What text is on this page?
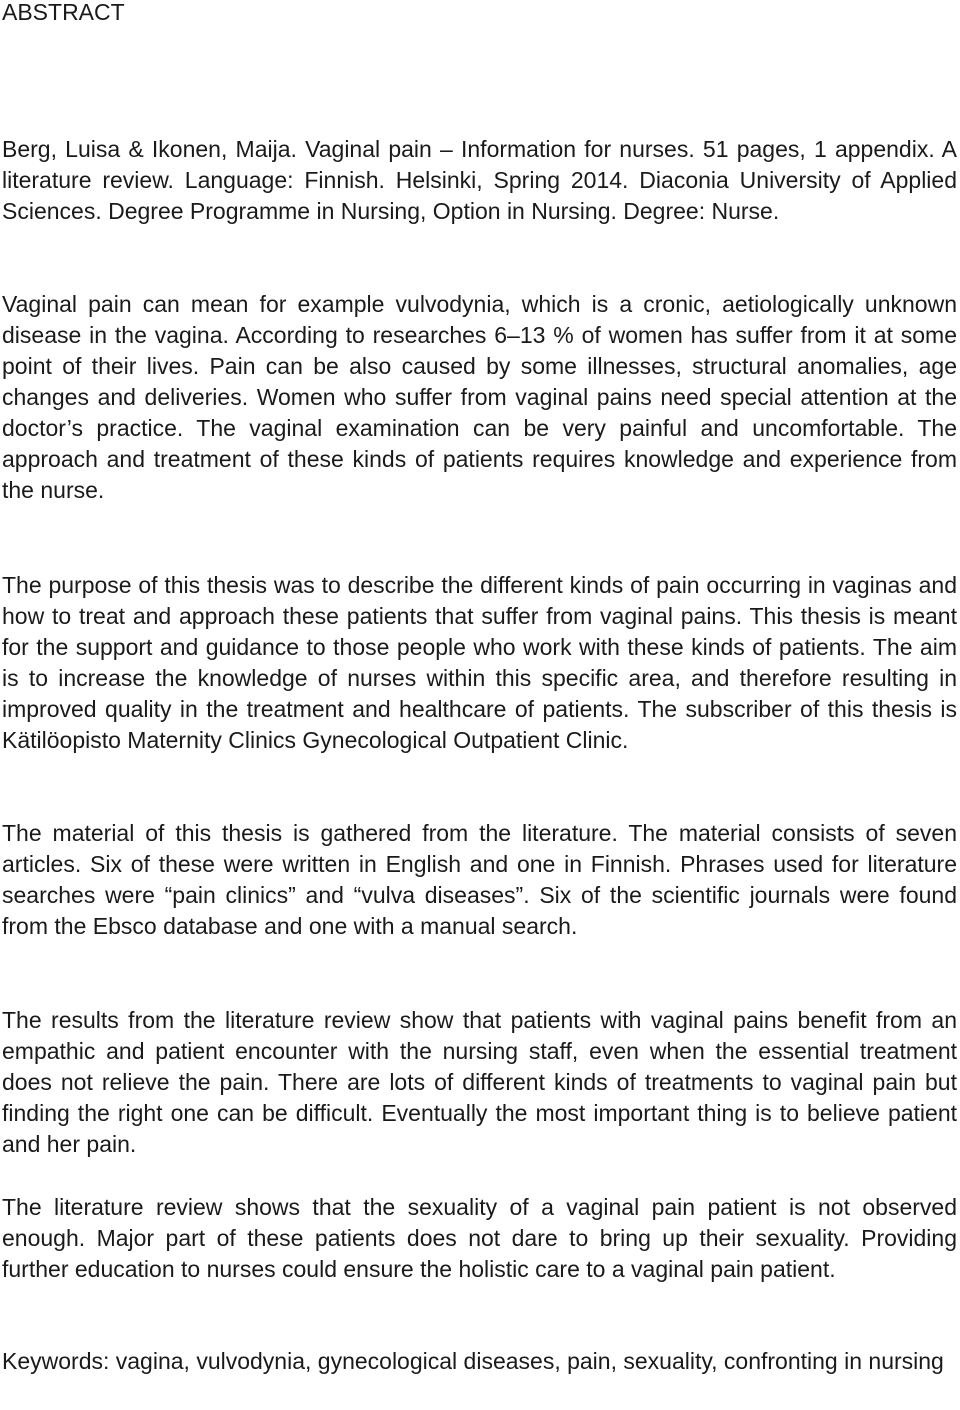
ABSTRACT

Berg, Luisa & Ikonen, Maija. Vaginal pain – Information for nurses. 51 pages, 1 appendix. A literature review. Language: Finnish. Helsinki, Spring 2014. Diaconia University of Applied Sciences. Degree Programme in Nursing, Option in Nursing. Degree: Nurse.

Vaginal pain can mean for example vulvodynia, which is a cronic, aetiologically unknown disease in the vagina. According to researches 6–13 % of women has suffer from it at some point of their lives. Pain can be also caused by some illnesses, structural anomalies, age changes and deliveries. Women who suffer from vaginal pains need special attention at the doctor’s practice. The vaginal examination can be very painful and uncomfortable. The approach and treatment of these kinds of patients requires knowledge and experience from the nurse.

The purpose of this thesis was to describe the different kinds of pain occurring in vaginas and how to treat and approach these patients that suffer from vaginal pains. This thesis is meant for the support and guidance to those people who work with these kinds of patients. The aim is to increase the knowledge of nurses within this specific area, and therefore resulting in improved quality in the treatment and healthcare of patients. The subscriber of this thesis is Kätilöopisto Maternity Clinics Gynecological Outpatient Clinic.

The material of this thesis is gathered from the literature. The material consists of seven articles. Six of these were written in English and one in Finnish. Phrases used for literature searches were “pain clinics” and “vulva diseases”. Six of the scientific journals were found from the Ebsco database and one with a manual search.

The results from the literature review show that patients with vaginal pains benefit from an empathic and patient encounter with the nursing staff, even when the essential treatment does not relieve the pain. There are lots of different kinds of treatments to vaginal pain but finding the right one can be difficult. Eventually the most important thing is to believe patient and her pain.

The literature review shows that the sexuality of a vaginal pain patient is not observed enough. Major part of these patients does not dare to bring up their sexuality. Providing further education to nurses could ensure the holistic care to a vaginal pain patient.

Keywords: vagina, vulvodynia, gynecological diseases, pain, sexuality, confronting in nursing
